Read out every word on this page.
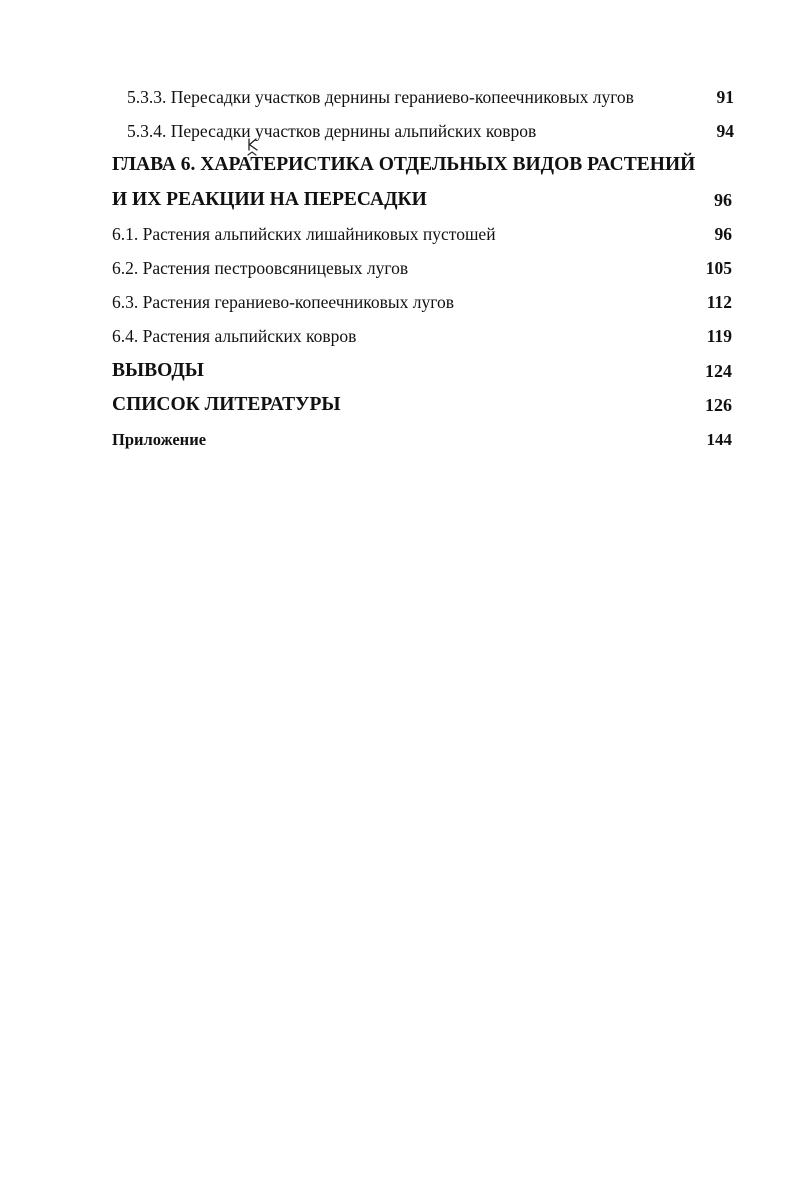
5.3.3. Пересадки участков дернины гераниево-копеечниковых лугов	91
5.3.4. Пересадки участков дернины альпийских ковров	94
ГЛАВА 6. ХАРАТЕРИСТИКА ОТДЕЛЬНЫХ ВИДОВ РАСТЕНИЙ
И ИХ РЕАКЦИИ НА ПЕРЕСАДКИ	96
6.1. Растения альпийских лишайниковых пустошей	96
6.2. Растения пестроовсяницевых лугов	105
6.3. Растения гераниево-копеечниковых лугов	112
6.4. Растения альпийских ковров	119
ВЫВОДЫ	124
СПИСОК ЛИТЕРАТУРЫ	126
Приложение	144
